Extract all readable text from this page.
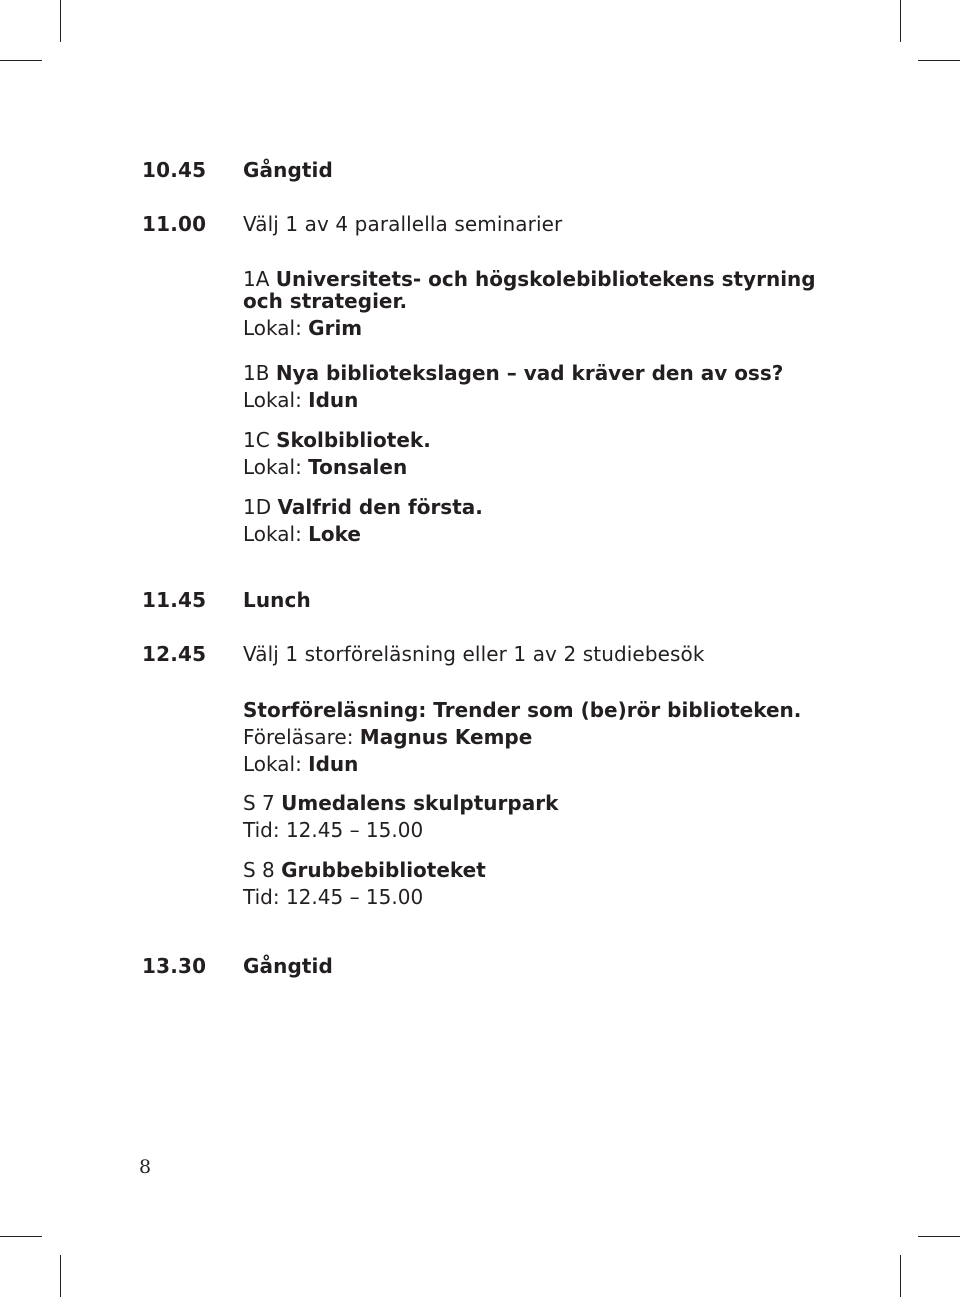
10.45 Gångtid
11.00 Välj 1 av 4 parallella seminarier
1A Universitets- och högskolebibliotekens styrning
och strategier.
Lokal: Grim
1B Nya bibliotekslagen – vad kräver den av oss?
Lokal: Idun
1C Skolbibliotek.
Lokal: Tonsalen
1D Valfrid den första.
Lokal: Loke
11.45 Lunch
12.45 Välj 1 storföreläsning eller 1 av 2 studiebesök
Storföreläsning: Trender som (be)rör biblioteken.
Föreläsare: Magnus Kempe
Lokal: Idun
S 7 Umedalens skulpturpark
Tid: 12.45 – 15.00
S 8 Grubbebiblioteket
Tid: 12.45 – 15.00
13.30 Gångtid
8
